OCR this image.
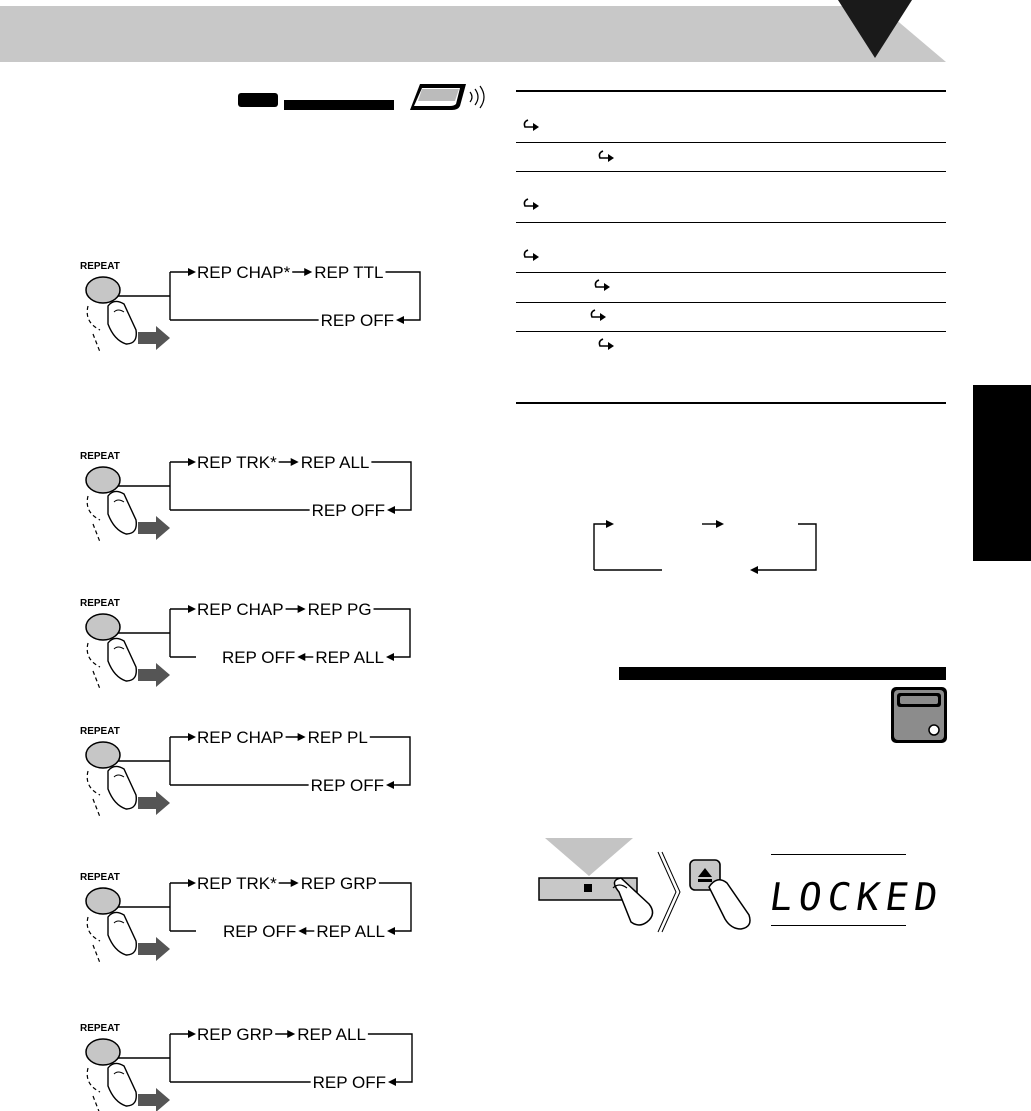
LOCKED
REPEAT	REP CHAP* REP TTL
REP OFF
REPEAT	REP TRK* REP ALL
REP OFF
REPEAT	REP CHAP REP PG
REP ALL
REP OFF
REPEAT	REP CHAP REP PL
REP OFF
REPEAT	REP TRK* REP GRP
REP ALL
REP OFF
REPEAT	REP GRP REP ALL
REP OFF
